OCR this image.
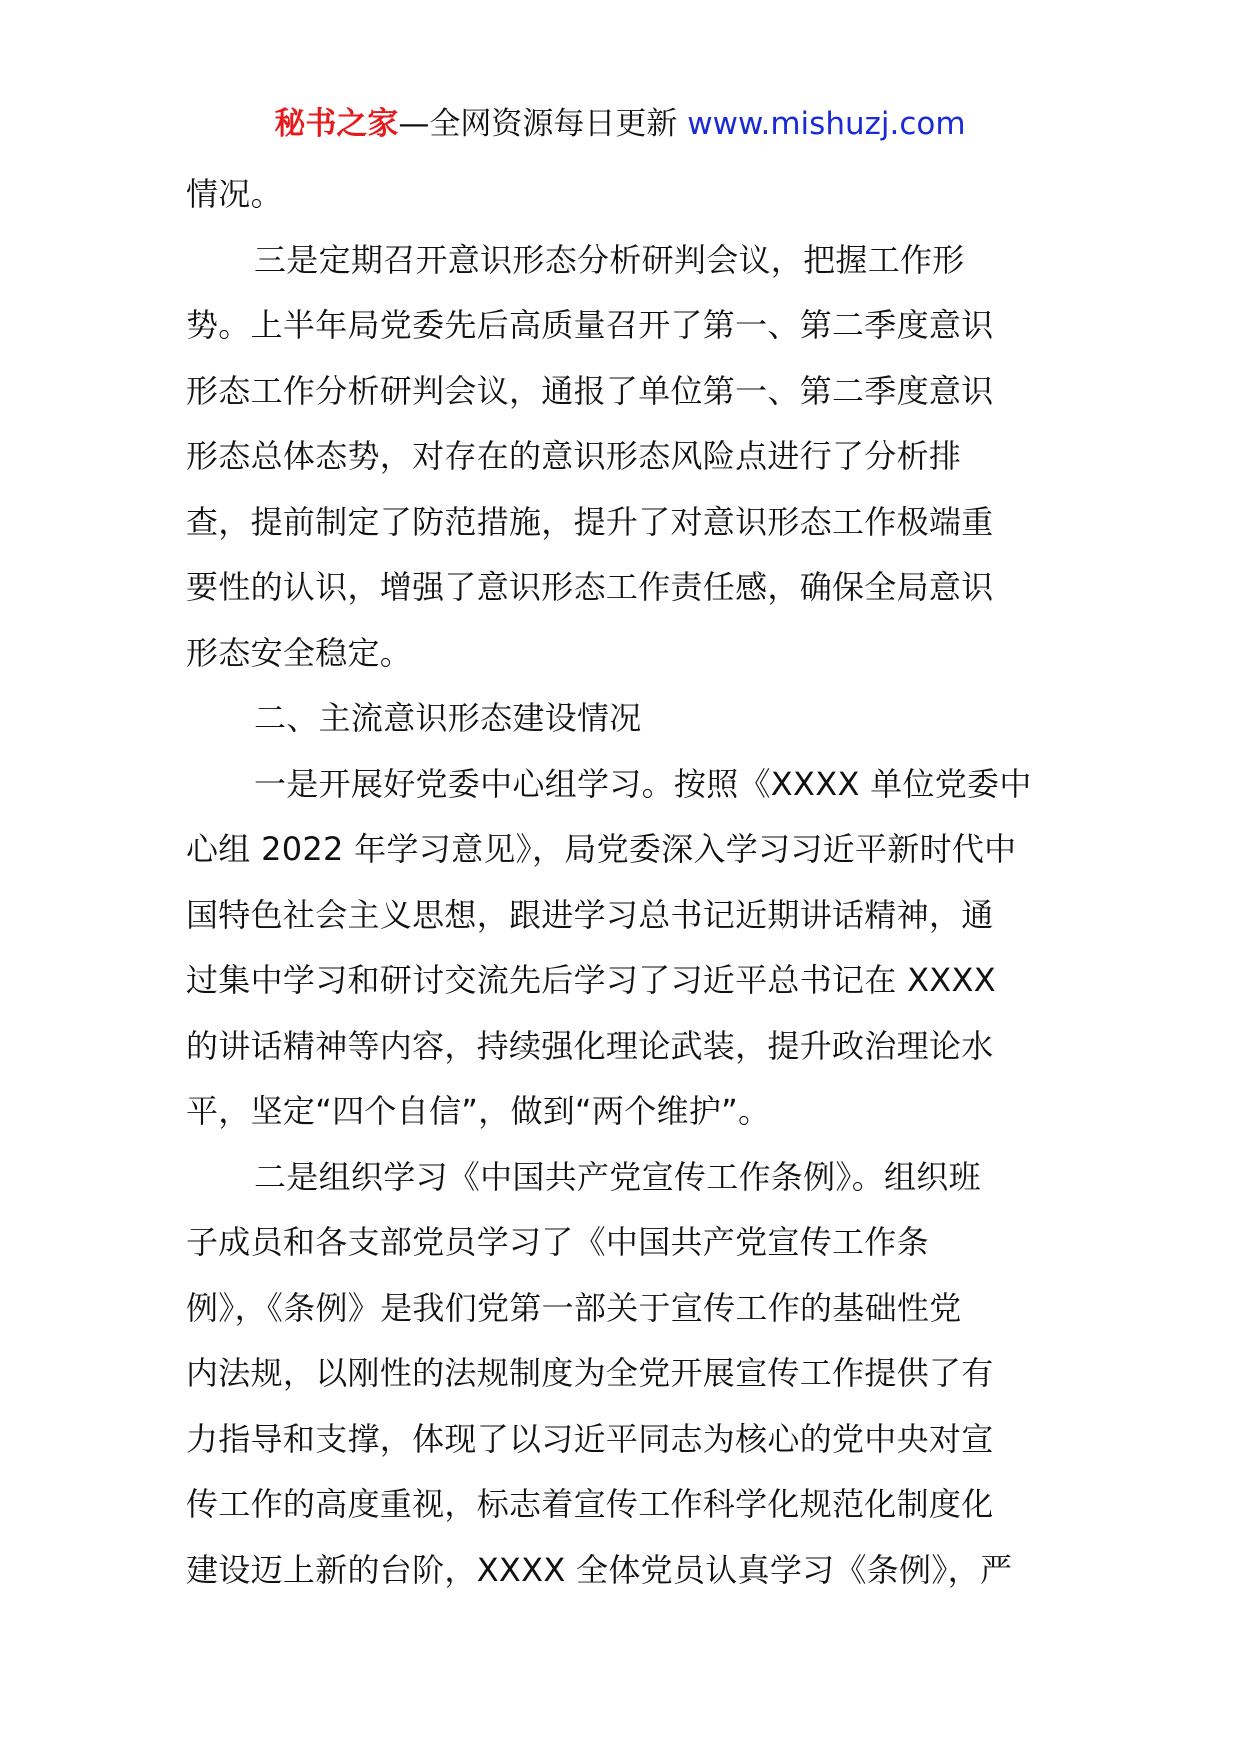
秘书之家—全网资源每日更新 www.mishuzj.com
情况。
三是定期召开意识形态分析研判会议，把握工作形
势。上半年局党委先后高质量召开了第一、第二季度意识
形态工作分析研判会议，通报了单位第一、第二季度意识
形态总体态势，对存在的意识形态风险点进行了分析排
查，提前制定了防范措施，提升了对意识形态工作极端重
要性的认识，增强了意识形态工作责任感，确保全局意识
形态安全稳定。
二、主流意识形态建设情况
一是开展好党委中心组学习。按照《XXXX 单位党委中
心组 2022 年学习意见》，局党委深入学习习近平新时代中
国特色社会主义思想，跟进学习总书记近期讲话精神，通
过集中学习和研讨交流先后学习了习近平总书记在 XXXX
的讲话精神等内容，持续强化理论武装，提升政治理论水
平，坚定“四个自信”，做到“两个维护”。
二是组织学习《中国共产党宣传工作条例》。组织班
子成员和各支部党员学习了《中国共产党宣传工作条
例》，《条例》是我们党第一部关于宣传工作的基础性党
内法规，以刚性的法规制度为全党开展宣传工作提供了有
力指导和支撑，体现了以习近平同志为核心的党中央对宣
传工作的高度重视，标志着宣传工作科学化规范化制度化
建设迈上新的台阶，XXXX 全体党员认真学习《条例》，严
